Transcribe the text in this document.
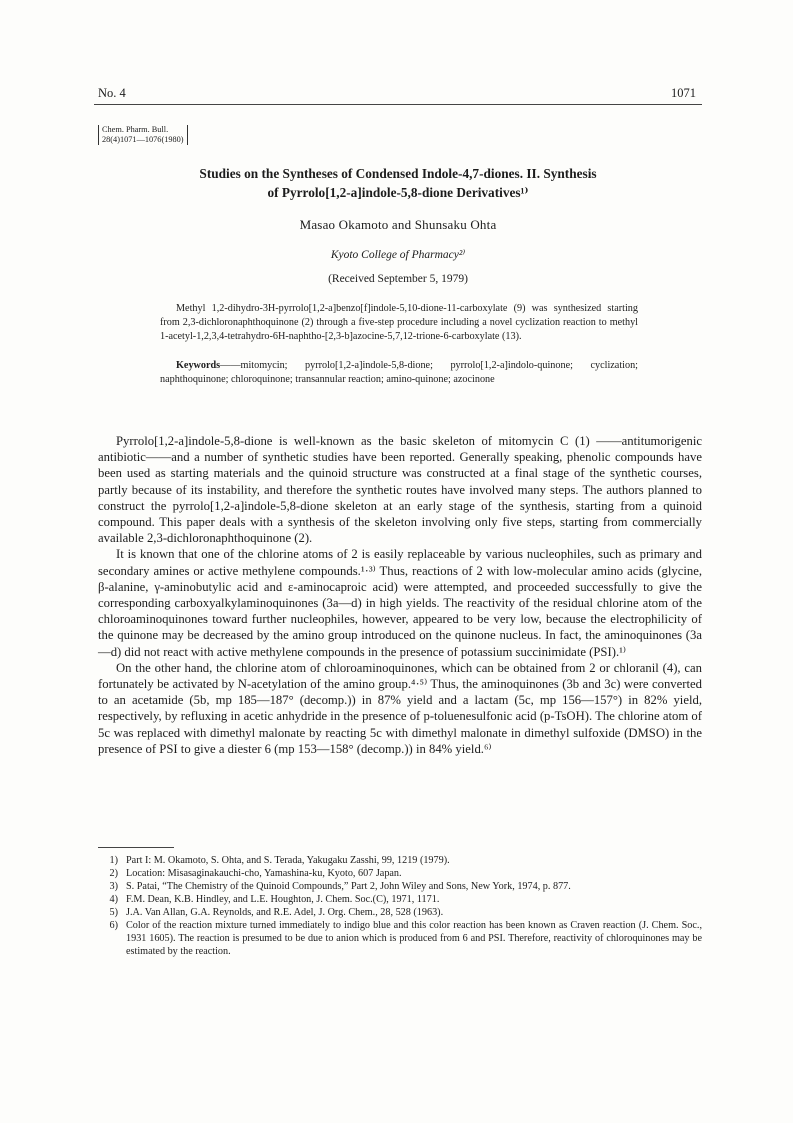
No. 4	1071
Chem. Pharm. Bull.
28(4)1071—1076(1980)
Studies on the Syntheses of Condensed Indole-4,7-diones. II. Synthesis
of Pyrrolo[1,2-a]indole-5,8-dione Derivatives¹⁾
Masao Okamoto and Shunsaku Ohta
Kyoto College of Pharmacy²⁾
(Received September 5, 1979)

Methyl 1,2-dihydro-3H-pyrrolo[1,2-a]benzo[f]indole-5,10-dione-11-carboxylate (9) was synthesized starting from 2,3-dichloronaphthoquinone (2) through a five-step procedure including a novel cyclization reaction to methyl 1-acetyl-1,2,3,4-tetrahydro-6H-naphtho-[2,3-b]azocine-5,7,12-trione-6-carboxylate (13).

Keywords——mitomycin; pyrrolo[1,2-a]indole-5,8-dione; pyrrolo[1,2-a]indolo-quinone; cyclization; naphthoquinone; chloroquinone; transannular reaction; amino-quinone; azocinone

Pyrrolo[1,2-a]indole-5,8-dione is well-known as the basic skeleton of mitomycin C (1) ——antitumorigenic antibiotic——and a number of synthetic studies have been reported. Generally speaking, phenolic compounds have been used as starting materials and the quinoid structure was constructed at a final stage of the synthetic courses, partly because of its instability, and therefore the synthetic routes have involved many steps. The authors planned to construct the pyrrolo[1,2-a]indole-5,8-dione skeleton at an early stage of the synthesis, starting from a quinoid compound. This paper deals with a synthesis of the skeleton involving only five steps, starting from commercially available 2,3-dichloronaphthoquinone (2).

It is known that one of the chlorine atoms of 2 is easily replaceable by various nucleophiles, such as primary and secondary amines or active methylene compounds.¹·³⁾ Thus, reactions of 2 with low-molecular amino acids (glycine, β-alanine, γ-aminobutylic acid and ε-aminocaproic acid) were attempted, and proceeded successfully to give the corresponding carboxyalkylaminoquinones (3a—d) in high yields. The reactivity of the residual chlorine atom of the chloroaminoquinones toward further nucleophiles, however, appeared to be very low, because the electrophilicity of the quinone may be decreased by the amino group introduced on the quinone nucleus. In fact, the aminoquinones (3a—d) did not react with active methylene compounds in the presence of potassium succinimidate (PSI).¹⁾

On the other hand, the chlorine atom of chloroaminoquinones, which can be obtained from 2 or chloranil (4), can fortunately be activated by N-acetylation of the amino group.⁴·⁵⁾ Thus, the aminoquinones (3b and 3c) were converted to an acetamide (5b, mp 185—187° (decomp.)) in 87% yield and a lactam (5c, mp 156—157°) in 82% yield, respectively, by refluxing in acetic anhydride in the presence of p-toluenesulfonic acid (p-TsOH). The chlorine atom of 5c was replaced with dimethyl malonate by reacting 5c with dimethyl malonate in dimethyl sulfoxide (DMSO) in the presence of PSI to give a diester 6 (mp 153—158° (decomp.)) in 84% yield.⁶⁾

1) Part I: M. Okamoto, S. Ohta, and S. Terada, Yakugaku Zasshi, 99, 1219 (1979).
2) Location: Misasaginakauchi-cho, Yamashina-ku, Kyoto, 607 Japan.
3) S. Patai, “The Chemistry of the Quinoid Compounds,” Part 2, John Wiley and Sons, New York, 1974, p. 877.
4) F.M. Dean, K.B. Hindley, and L.E. Houghton, J. Chem. Soc.(C), 1971, 1171.
5) J.A. Van Allan, G.A. Reynolds, and R.E. Adel, J. Org. Chem., 28, 528 (1963).
6) Color of the reaction mixture turned immediately to indigo blue and this color reaction has been known as Craven reaction (J. Chem. Soc., 1931 1605). The reaction is presumed to be due to anion which is produced from 6 and PSI. Therefore, reactivity of chloroquinones may be estimated by the reaction.
